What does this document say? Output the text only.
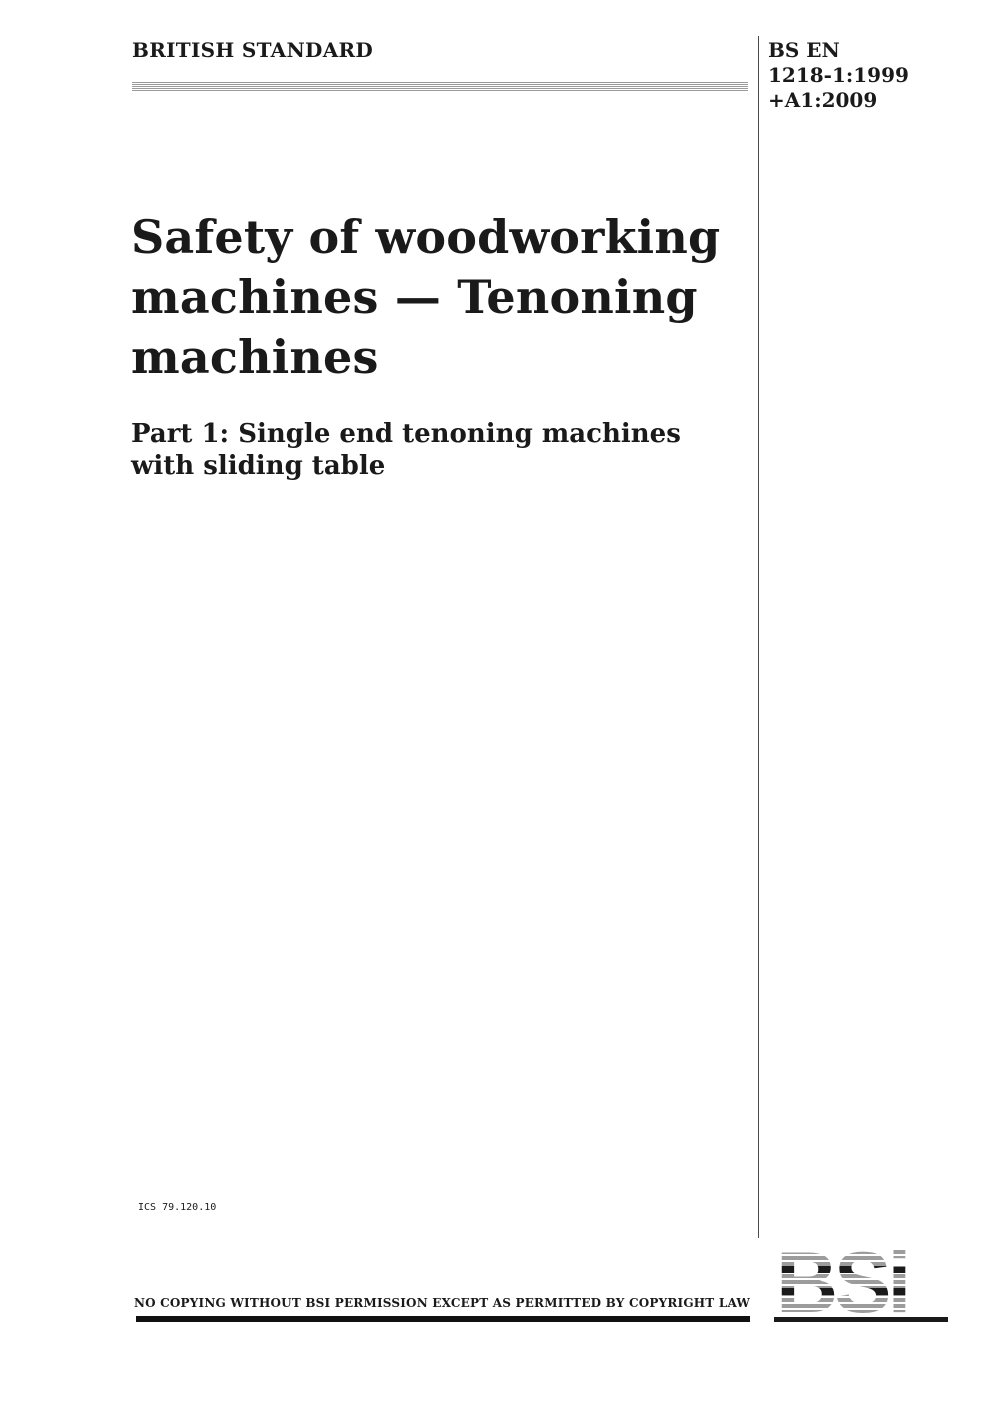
BRITISH STANDARD	BS EN
1218-1:1999
+A1:2009
Safety of woodworking
machines — Tenoning
machines
Part 1: Single end tenoning machines
with sliding table
ICS 79.120.10
NO COPYING WITHOUT BSI PERMISSION EXCEPT AS PERMITTED BY COPYRIGHT LAW
